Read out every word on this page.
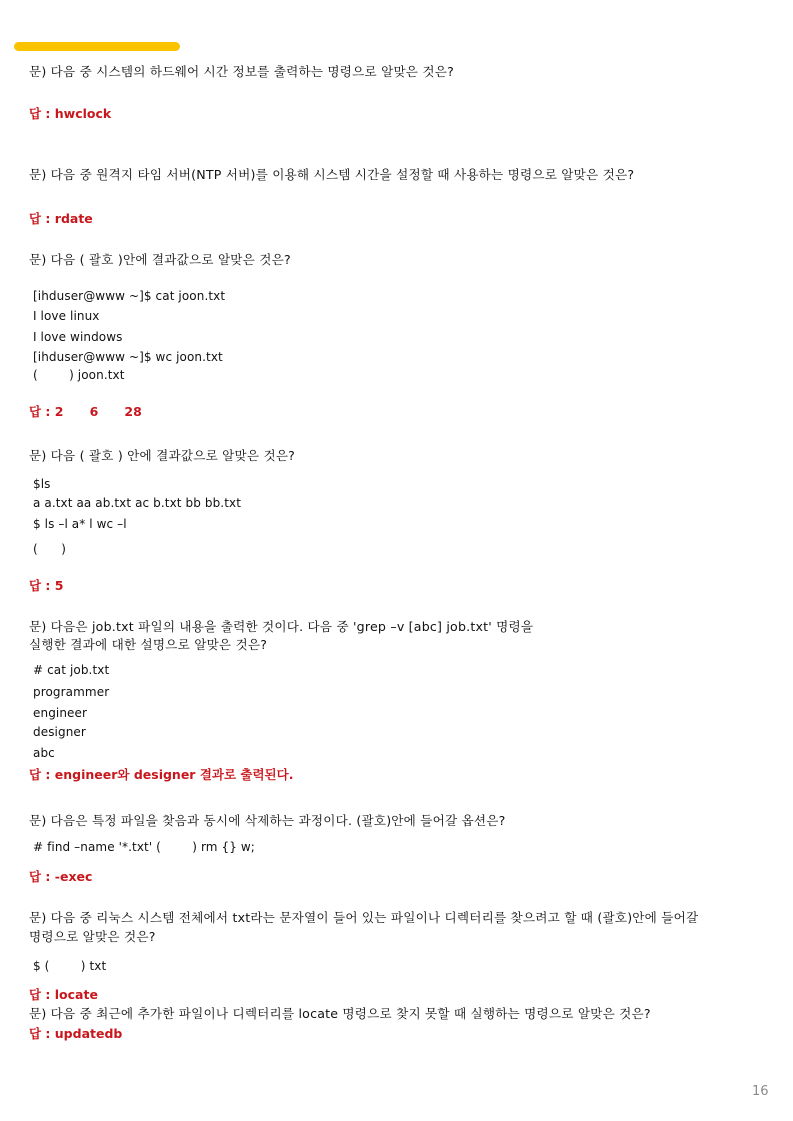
문) 다음 중 시스템의 하드웨어 시간 정보를 출력하는 명령으로 알맞은 것은?
답 : hwclock
문) 다음 중 원격지 타임 서버(NTP 서버)를 이용해 시스템 시간을 설정할 때 사용하는 명령으로 알맞은 것은?
답 : rdate
문) 다음 ( 괄호 )안에 결과값으로 알맞은 것은?
[ihduser@www ~]$ cat joon.txt
I love linux
I love windows
[ihduser@www ~]$ wc joon.txt
(        ) joon.txt
답 : 2      6      28
문) 다음 ( 괄호 ) 안에 결과값으로 알맞은 것은?
$ls
a a.txt aa ab.txt ac b.txt bb bb.txt
$ ls –l a* l wc –l
(      )
답 : 5
문) 다음은 job.txt 파일의 내용을 출력한 것이다. 다음 중 'grep –v [abc] job.txt' 명령을
실행한 결과에 대한 설명으로 알맞은 것은?
# cat job.txt
programmer
engineer
designer
abc
답 : engineer와 designer 결과로 출력된다.
문) 다음은 특정 파일을 찾음과 동시에 삭제하는 과정이다. (괄호)안에 들어갈 옵션은?
# find –name '*.txt' (        ) rm {} w;
답 : -exec
문) 다음 중 리눅스 시스템 전체에서 txt라는 문자열이 들어 있는 파일이나 디렉터리를 찾으려고 할 때 (괄호)안에 들어갈
명령으로 알맞은 것은?
$ (        ) txt
답 : locate
문) 다음 중 최근에 추가한 파일이나 디렉터리를 locate 명령으로 찾지 못할 때 실행하는 명령으로 알맞은 것은?
답 : updatedb
16
